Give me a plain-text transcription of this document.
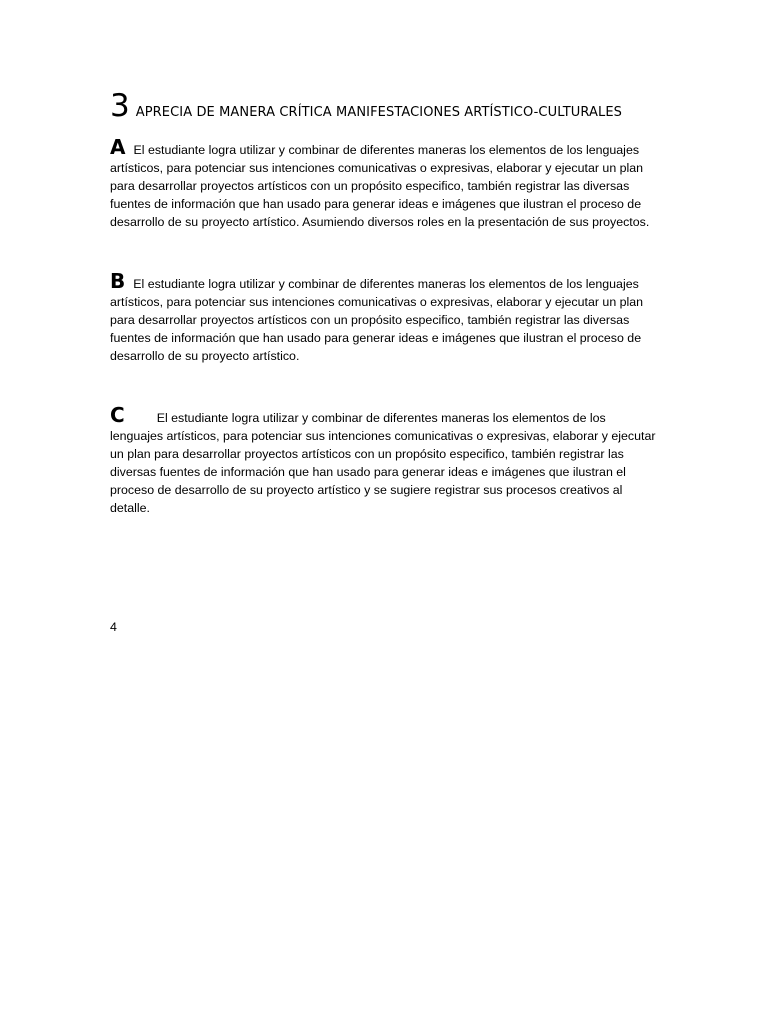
3 APRECIA DE MANERA CRÍTICA MANIFESTACIONES ARTÍSTICO-CULTURALES

A El estudiante logra utilizar y combinar de diferentes maneras los elementos de los lenguajes artísticos, para potenciar sus intenciones comunicativas o expresivas, elaborar y ejecutar un plan para desarrollar proyectos artísticos con un propósito especifico, también registrar las diversas fuentes de información que han usado para generar ideas e imágenes que ilustran el proceso de desarrollo de su proyecto artístico. Asumiendo diversos roles en la presentación de sus proyectos.

B El estudiante logra utilizar y combinar de diferentes maneras los elementos de los lenguajes artísticos, para potenciar sus intenciones comunicativas o expresivas, elaborar y ejecutar un plan para desarrollar proyectos artísticos con un propósito especifico, también registrar las diversas fuentes de información que han usado para generar ideas e imágenes que ilustran el proceso de desarrollo de su proyecto artístico.

C	El estudiante logra utilizar y combinar de diferentes maneras los elementos de los lenguajes artísticos, para potenciar sus intenciones comunicativas o expresivas, elaborar y ejecutar un plan para desarrollar proyectos artísticos con un propósito especifico, también registrar las diversas fuentes de información que han usado para generar ideas e imágenes que ilustran el proceso de desarrollo de su proyecto artístico y se sugiere registrar sus procesos creativos al detalle.

4
